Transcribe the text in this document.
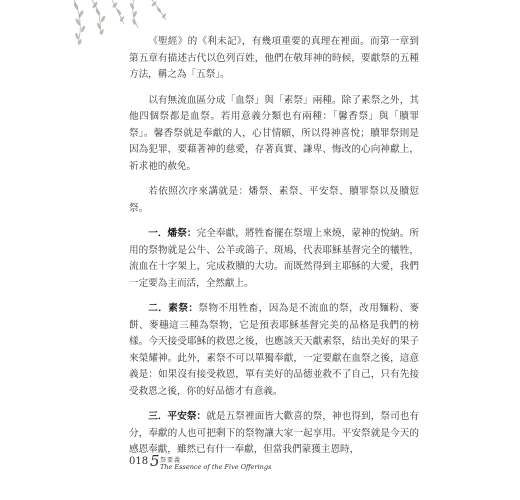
《聖經》的《利未記》，有幾項重要的真理在裡面。而第一章到第五章有描述古代以色列百姓，他們在敬拜神的時候，要獻祭的五種方法，稱之為「五祭」。

以有無流血區分成「血祭」與「素祭」兩種。除了素祭之外，其他四個祭都是血祭。若用意義分類也有兩種：「馨香祭」與「贖罪祭」。馨香祭就是奉獻的人，心甘情願，所以得神喜悅；贖罪祭則是因為犯罪，要藉著神的慈愛，存著真實、謙卑、悔改的心向神獻上，祈求祂的赦免。

若依照次序來講就是：燔祭、素祭、平安祭、贖罪祭以及贖愆祭。

一．燔祭：完全奉獻，將牲畜擺在祭壇上來燒，蒙神的悅納。所用的祭物就是公牛、公羊或鴿子、斑鳩，代表耶穌基督完全的犧牲，流血在十字架上，完成救贖的大功。而既然得到主耶穌的大愛，我們一定要為主而活，全然獻上。

二．素祭：祭物不用牲畜，因為是不流血的祭，改用麵粉、麥餅、麥穗這三種為祭物，它是預表耶穌基督完美的品格是我們的榜樣。今天接受耶穌的救恩之後，也應該天天獻素祭，結出美好的果子來榮耀神。此外，素祭不可以單獨奉獻，一定要獻在血祭之後，這意義是：如果沒有接受救恩，單有美好的品德並救不了自己，只有先接受救恩之後，你的好品德才有意義。

三．平安祭：就是五祭裡面皆大歡喜的祭，神也得到，祭司也有分，奉獻的人也可把剩下的祭物讓大家一起享用。平安祭就是今天的感恩奉獻，雖然已有什一奉獻，但當我們蒙獲主恩時，

018 5 祭要義
The Essence of the Five Offerings
